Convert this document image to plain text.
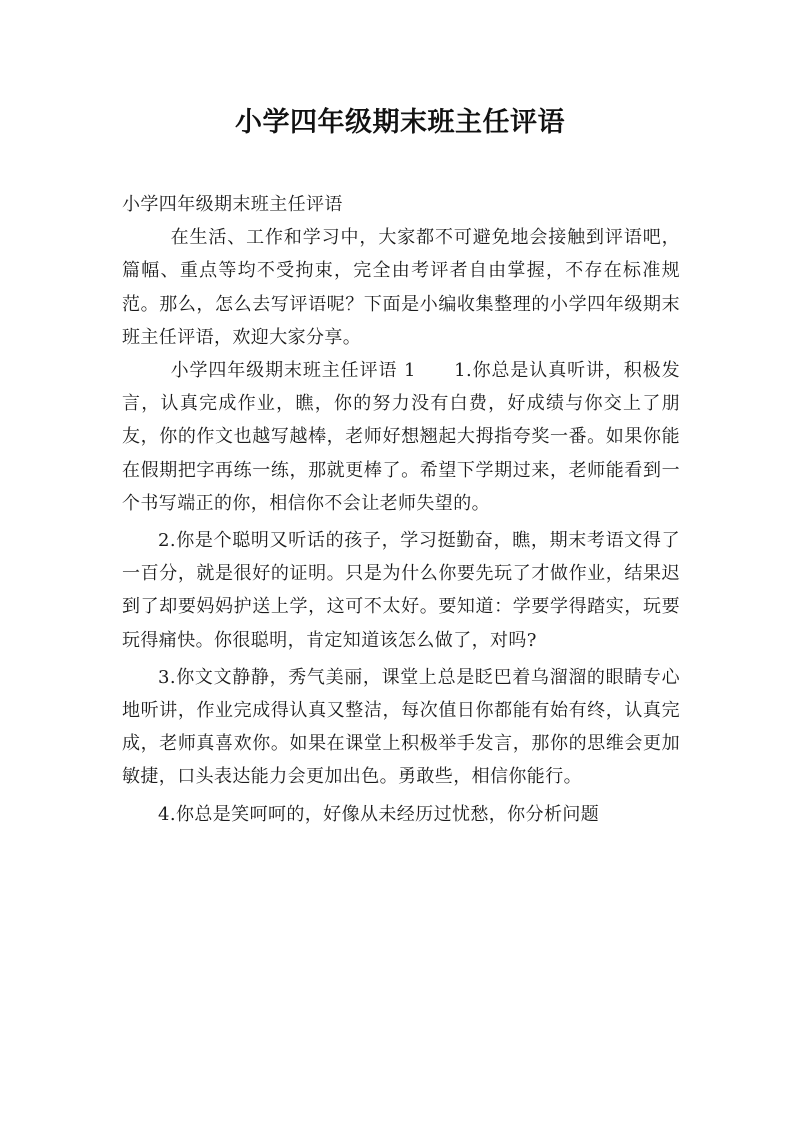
小学四年级期末班主任评语

小学四年级期末班主任评语

在生活、工作和学习中，大家都不可避免地会接触到评语吧，篇幅、重点等均不受拘束，完全由考评者自由掌握，不存在标准规范。那么，怎么去写评语呢？下面是小编收集整理的小学四年级期末班主任评语，欢迎大家分享。

小学四年级期末班主任评语 1　　1.你总是认真听讲，积极发言，认真完成作业，瞧，你的努力没有白费，好成绩与你交上了朋友，你的作文也越写越棒，老师好想翘起大拇指夸奖一番。如果你能在假期把字再练一练，那就更棒了。希望下学期过来，老师能看到一个书写端正的你，相信你不会让老师失望的。

2.你是个聪明又听话的孩子，学习挺勤奋，瞧，期末考语文得了一百分，就是很好的证明。只是为什么你要先玩了才做作业，结果迟到了却要妈妈护送上学，这可不太好。要知道：学要学得踏实，玩要玩得痛快。你很聪明，肯定知道该怎么做了，对吗?

3.你文文静静，秀气美丽，课堂上总是眨巴着乌溜溜的眼睛专心地听讲，作业完成得认真又整洁，每次值日你都能有始有终，认真完成，老师真喜欢你。如果在课堂上积极举手发言，那你的思维会更加敏捷，口头表达能力会更加出色。勇敢些，相信你能行。

4.你总是笑呵呵的，好像从未经历过忧愁，你分析问题
